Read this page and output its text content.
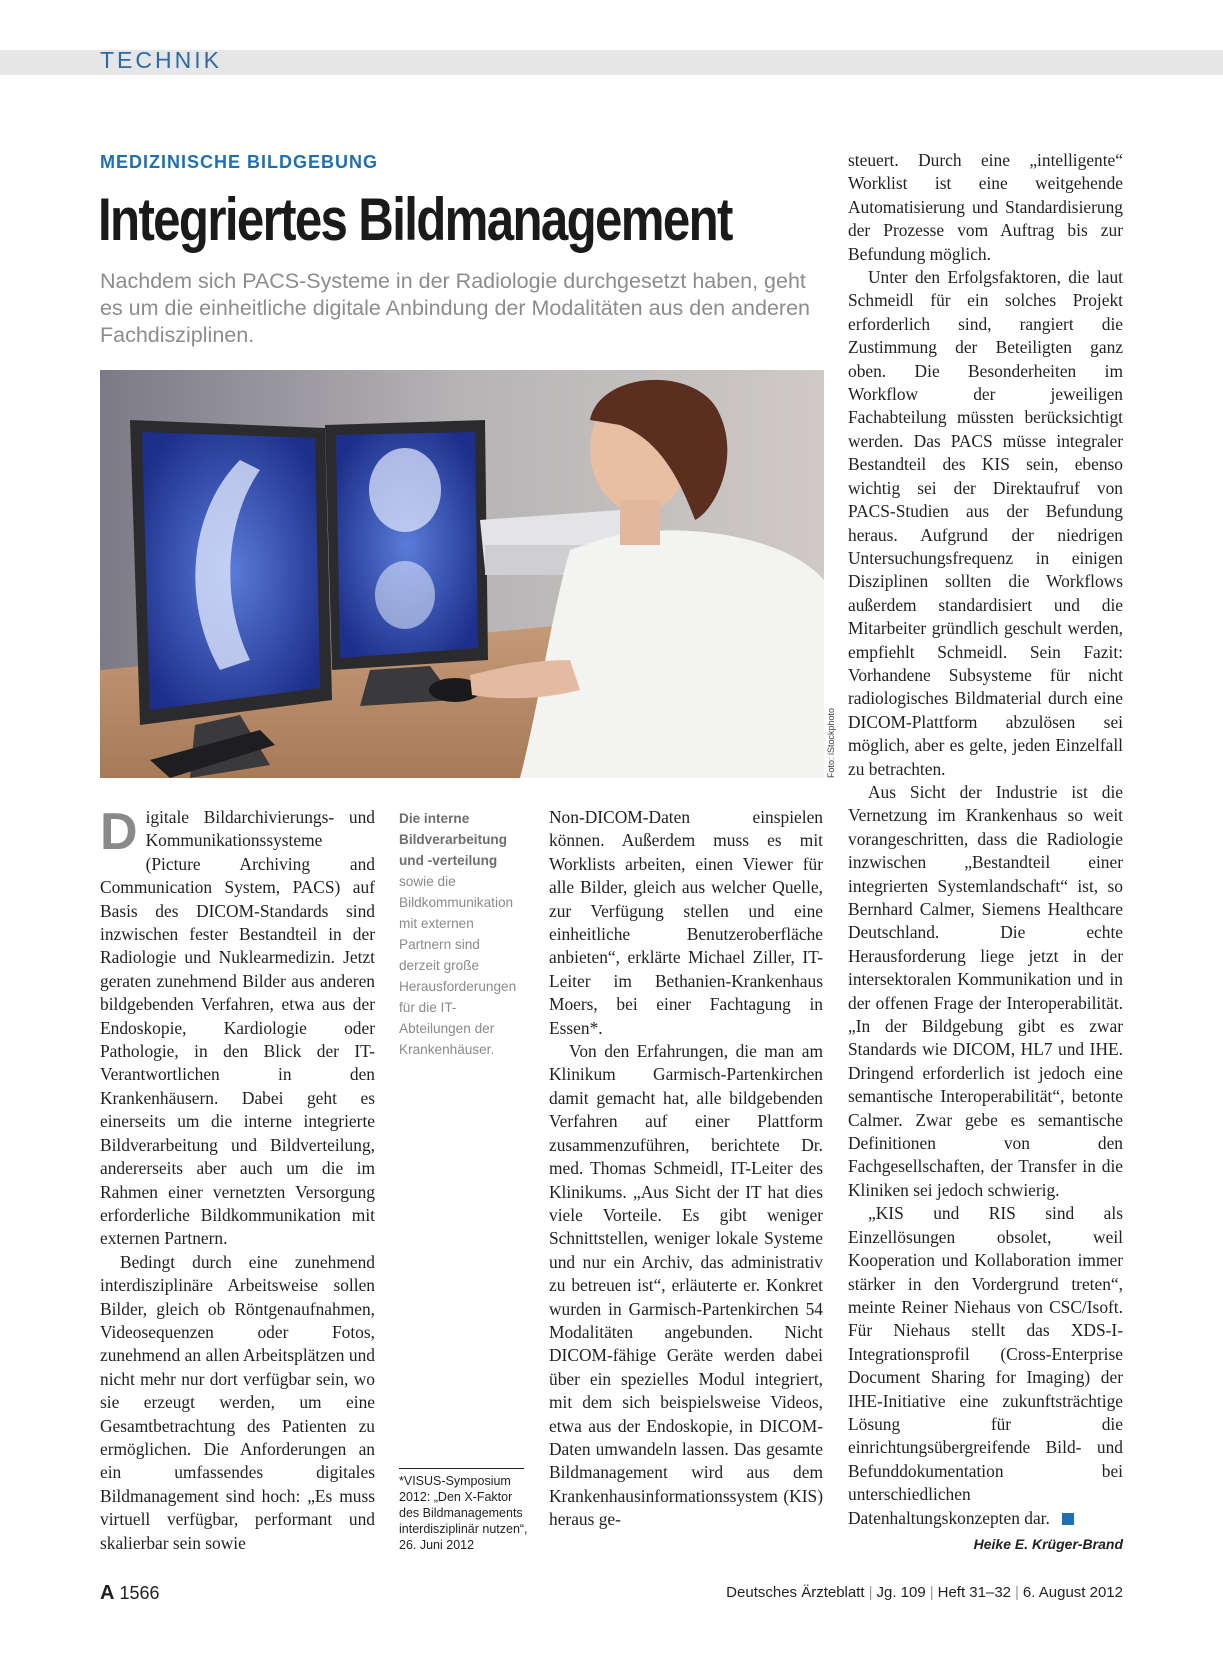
TECHNIK
MEDIZINISCHE BILDGEBUNG
Integriertes Bildmanagement
Nachdem sich PACS-Systeme in der Radiologie durchgesetzt haben, geht es um die einheitliche digitale Anbindung der Modalitäten aus den anderen Fachdisziplinen.
Foto: iStockphoto

Digitale Bildarchivierungs- und Kommunikationssysteme (Picture Archiving and Communication System, PACS) auf Basis des DICOM-Standards sind inzwischen fester Bestandteil in der Radiologie und Nuklearmedizin. Jetzt geraten zunehmend Bilder aus anderen bildgebenden Verfahren, etwa aus der Endoskopie, Kardiologie oder Pathologie, in den Blick der IT-Verantwortlichen in den Krankenhäusern. Dabei geht es einerseits um die interne integrierte Bildverarbeitung und Bildverteilung, andererseits aber auch um die im Rahmen einer vernetzten Versorgung erforderliche Bildkommunikation mit externen Partnern.

Bedingt durch eine zunehmend interdisziplinäre Arbeitsweise sollen Bilder, gleich ob Röntgenaufnahmen, Videosequenzen oder Fotos, zunehmend an allen Arbeitsplätzen und nicht mehr nur dort verfügbar sein, wo sie erzeugt werden, um eine Gesamtbetrachtung des Patienten zu ermöglichen. Die Anforderungen an ein umfassendes digitales Bildmanagement sind hoch: „Es muss virtuell verfügbar, performant und skalierbar sein sowie

Die interne Bildverarbeitung und -verteilung sowie die Bildkommunikation mit externen Partnern sind derzeit große Herausforderungen für die IT-Abteilungen der Krankenhäuser.
*VISUS-Symposium 2012: „Den X-Faktor des Bildmanagements interdisziplinär nutzen“, 26. Juni 2012

Non-DICOM-Daten einspielen können. Außerdem muss es mit Worklists arbeiten, einen Viewer für alle Bilder, gleich aus welcher Quelle, zur Verfügung stellen und eine einheitliche Benutzeroberfläche anbieten“, erklärte Michael Ziller, IT-Leiter im Bethanien-Krankenhaus Moers, bei einer Fachtagung in Essen*.

Von den Erfahrungen, die man am Klinikum Garmisch-Partenkirchen damit gemacht hat, alle bildgebenden Verfahren auf einer Plattform zusammenzuführen, berichtete Dr. med. Thomas Schmeidl, IT-Leiter des Klinikums. „Aus Sicht der IT hat dies viele Vorteile. Es gibt weniger Schnittstellen, weniger lokale Systeme und nur ein Archiv, das administrativ zu betreuen ist“, erläuterte er. Konkret wurden in Garmisch-Partenkirchen 54 Modalitäten angebunden. Nicht DICOM-fähige Geräte werden dabei über ein spezielles Modul integriert, mit dem sich beispielsweise Videos, etwa aus der Endoskopie, in DICOM-Daten umwandeln lassen. Das gesamte Bildmanagement wird aus dem Krankenhausinformationssystem (KIS) heraus ge-

steuert. Durch eine „intelligente“ Worklist ist eine weitgehende Automatisierung und Standardisierung der Prozesse vom Auftrag bis zur Befundung möglich.

Unter den Erfolgsfaktoren, die laut Schmeidl für ein solches Projekt erforderlich sind, rangiert die Zustimmung der Beteiligten ganz oben. Die Besonderheiten im Workflow der jeweiligen Fachabteilung müssten berücksichtigt werden. Das PACS müsse integraler Bestandteil des KIS sein, ebenso wichtig sei der Direktaufruf von PACS-Studien aus der Befundung heraus. Aufgrund der niedrigen Untersuchungsfrequenz in einigen Disziplinen sollten die Workflows außerdem standardisiert und die Mitarbeiter gründlich geschult werden, empfiehlt Schmeidl. Sein Fazit: Vorhandene Subsysteme für nicht radiologisches Bildmaterial durch eine DICOM-Plattform abzulösen sei möglich, aber es gelte, jeden Einzelfall zu betrachten.

Aus Sicht der Industrie ist die Vernetzung im Krankenhaus so weit vorangeschritten, dass die Radiologie inzwischen „Bestandteil einer integrierten Systemlandschaft“ ist, so Bernhard Calmer, Siemens Healthcare Deutschland. Die echte Herausforderung liege jetzt in der intersektoralen Kommunikation und in der offenen Frage der Interoperabilität. „In der Bildgebung gibt es zwar Standards wie DICOM, HL7 und IHE. Dringend erforderlich ist jedoch eine semantische Interoperabilität“, betonte Calmer. Zwar gebe es semantische Definitionen von den Fachgesellschaften, der Transfer in die Kliniken sei jedoch schwierig.

„KIS und RIS sind als Einzellösungen obsolet, weil Kooperation und Kollaboration immer stärker in den Vordergrund treten“, meinte Reiner Niehaus von CSC/Isoft. Für Niehaus stellt das XDS-I-Integrationsprofil (Cross-Enterprise Document Sharing for Imaging) der IHE-Initiative eine zukunftsträchtige Lösung für die einrichtungsübergreifende Bild- und Befunddokumentation bei unterschiedlichen Datenhaltungskonzepten dar.

Heike E. Krüger-Brand
A 1566	Deutsches Ärzteblatt | Jg. 109 | Heft 31–32 | 6. August 2012
